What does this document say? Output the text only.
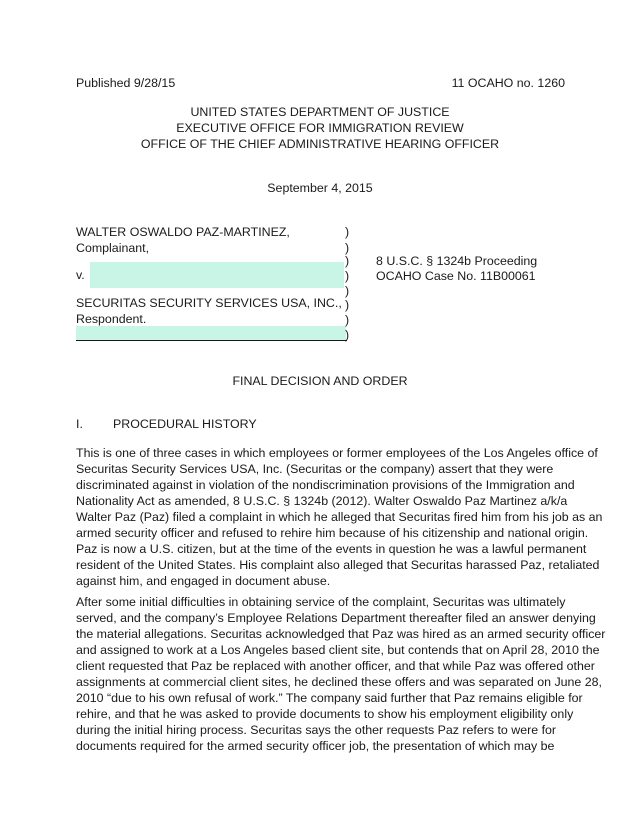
Published 9/28/15	11 OCAHO no. 1260
UNITED STATES DEPARTMENT OF JUSTICE
EXECUTIVE OFFICE FOR IMMIGRATION REVIEW
OFFICE OF THE CHIEF ADMINISTRATIVE HEARING OFFICER
September 4, 2015
WALTER OSWALDO PAZ-MARTINEZ,
Complainant,
v.
SECURITAS SECURITY SERVICES USA, INC.,
Respondent.
)
)
)
)
)
)
)
)
8 U.S.C. § 1324b Proceeding
OCAHO Case No. 11B00061
FINAL DECISION AND ORDER
I. PROCEDURAL HISTORY
This is one of three cases in which employees or former employees of the Los Angeles office of
Securitas Security Services USA, Inc. (Securitas or the company) assert that they were
discriminated against in violation of the nondiscrimination provisions of the Immigration and
Nationality Act as amended, 8 U.S.C. § 1324b (2012). Walter Oswaldo Paz Martinez a/k/a
Walter Paz (Paz) filed a complaint in which he alleged that Securitas fired him from his job as an
armed security officer and refused to rehire him because of his citizenship and national origin.
Paz is now a U.S. citizen, but at the time of the events in question he was a lawful permanent
resident of the United States. His complaint also alleged that Securitas harassed Paz, retaliated
against him, and engaged in document abuse.
After some initial difficulties in obtaining service of the complaint, Securitas was ultimately
served, and the company’s Employee Relations Department thereafter filed an answer denying
the material allegations. Securitas acknowledged that Paz was hired as an armed security officer
and assigned to work at a Los Angeles based client site, but contends that on April 28, 2010 the
client requested that Paz be replaced with another officer, and that while Paz was offered other
assignments at commercial client sites, he declined these offers and was separated on June 28,
2010 “due to his own refusal of work.” The company said further that Paz remains eligible for
rehire, and that he was asked to provide documents to show his employment eligibility only
during the initial hiring process. Securitas says the other requests Paz refers to were for
documents required for the armed security officer job, the presentation of which may be
